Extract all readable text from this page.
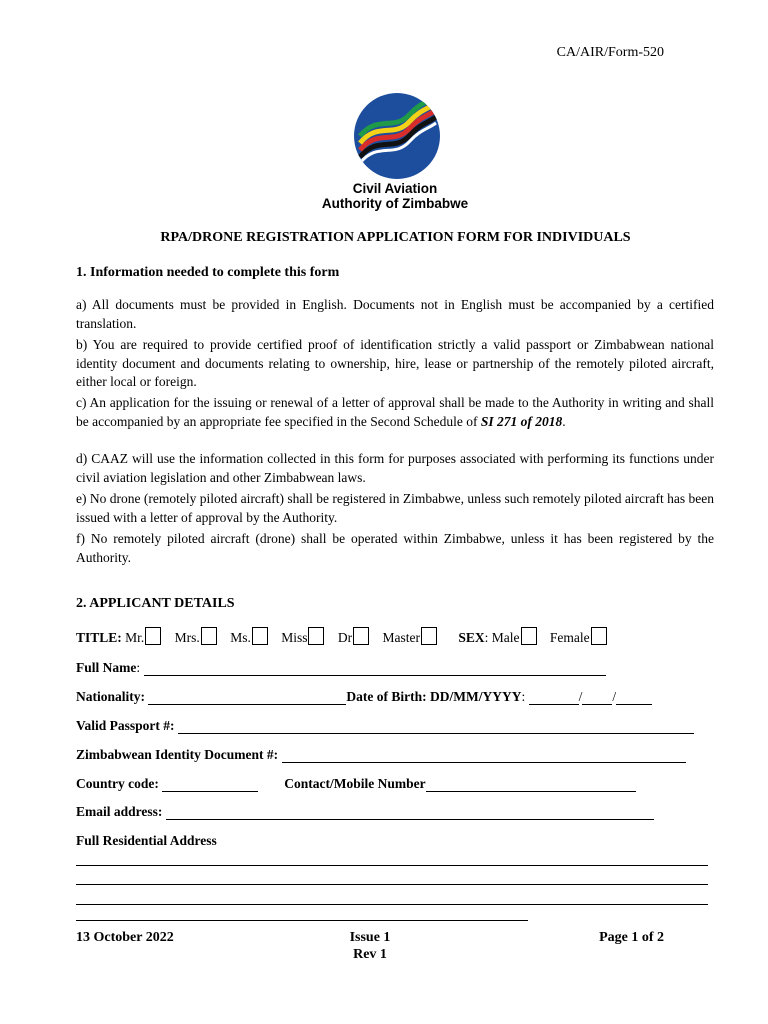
CA/AIR/Form-520
Civil Aviation
Authority of Zimbabwe
RPA/DRONE REGISTRATION APPLICATION FORM FOR INDIVIDUALS
1. Information needed to complete this form
a) All documents must be provided in English. Documents not in English must be accompanied by a certified translation.
b) You are required to provide certified proof of identification strictly a valid passport or Zimbabwean national identity document and documents relating to ownership, hire, lease or partnership of the remotely piloted aircraft, either local or foreign.
c) An application for the issuing or renewal of a letter of approval shall be made to the Authority in writing and shall be accompanied by an appropriate fee specified in the Second Schedule of SI 271 of 2018.
d) CAAZ will use the information collected in this form for purposes associated with performing its functions under civil aviation legislation and other Zimbabwean laws.
e) No drone (remotely piloted aircraft) shall be registered in Zimbabwe, unless such remotely piloted aircraft has been issued with a letter of approval by the Authority.
f) No remotely piloted aircraft (drone) shall be operated within Zimbabwe, unless it has been registered by the Authority.
2. APPLICANT DETAILS
TITLE: Mr. Mrs. Ms. Miss Dr Master	SEX: Male Female
Full Name:
Nationality:	Date of Birth: DD/MM/YYYY:	/ /
Valid Passport #:
Zimbabwean Identity Document #:
Country code:	Contact/Mobile Number
Email address:
Full Residential Address
13 October 2022	Issue 1
Rev 1
Page 1 of 2
